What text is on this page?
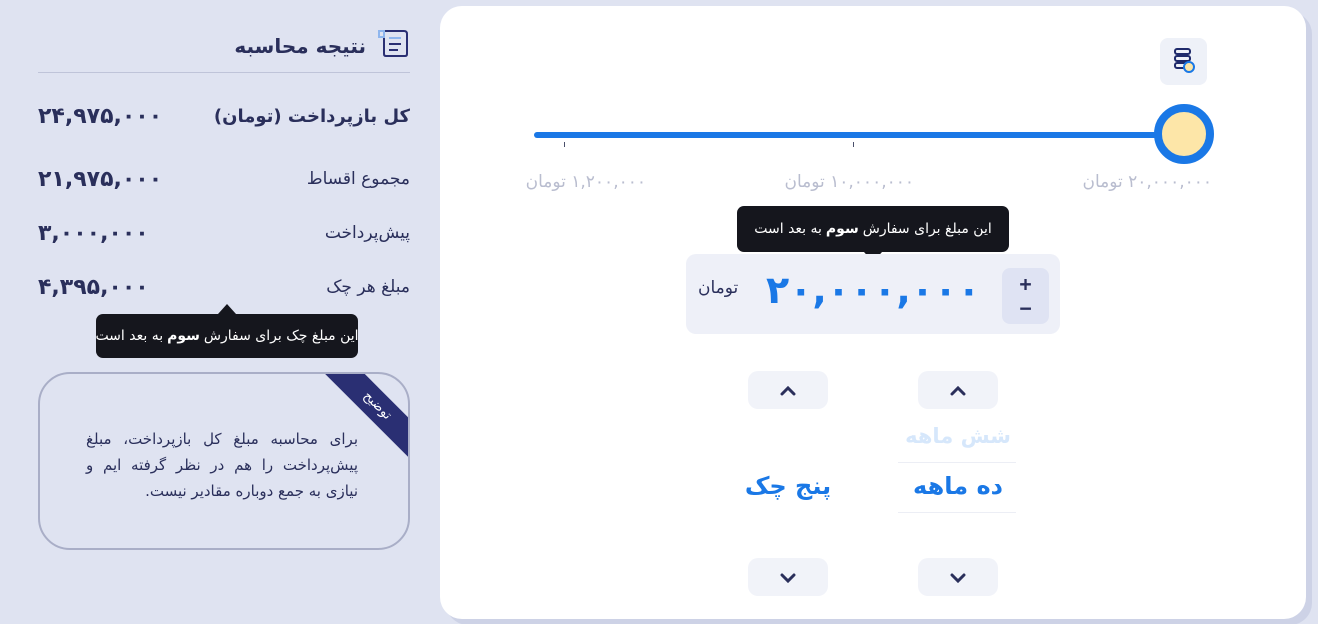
نتیجه محاسبه
کل بازپرداخت (تومان)
۲۴,۹۷۵,۰۰۰
مجموع اقساط
۲۱,۹۷۵,۰۰۰
پیش‌پرداخت
۳,۰۰۰,۰۰۰
مبلغ هر چک
۴,۳۹۵,۰۰۰
این مبلغ چک برای سفارش
سوم
به بعد است
توضیح
برای محاسبه مبلغ کل بازپرداخت، مبلغ پیش‌پرداخت را هم در نظر گرفته ایم و نیازی به جمع دوباره مقادیر نیست.
۱,۲۰۰,۰۰۰ تومان	۱۰,۰۰۰,۰۰۰ تومان	۲۰,۰۰۰,۰۰۰ تومان
این مبلغ برای سفارش
سوم
به بعد است
+
−
۲۰,۰۰۰,۰۰۰
تومان
شش ماهه
ده ماهه
پنج چک
